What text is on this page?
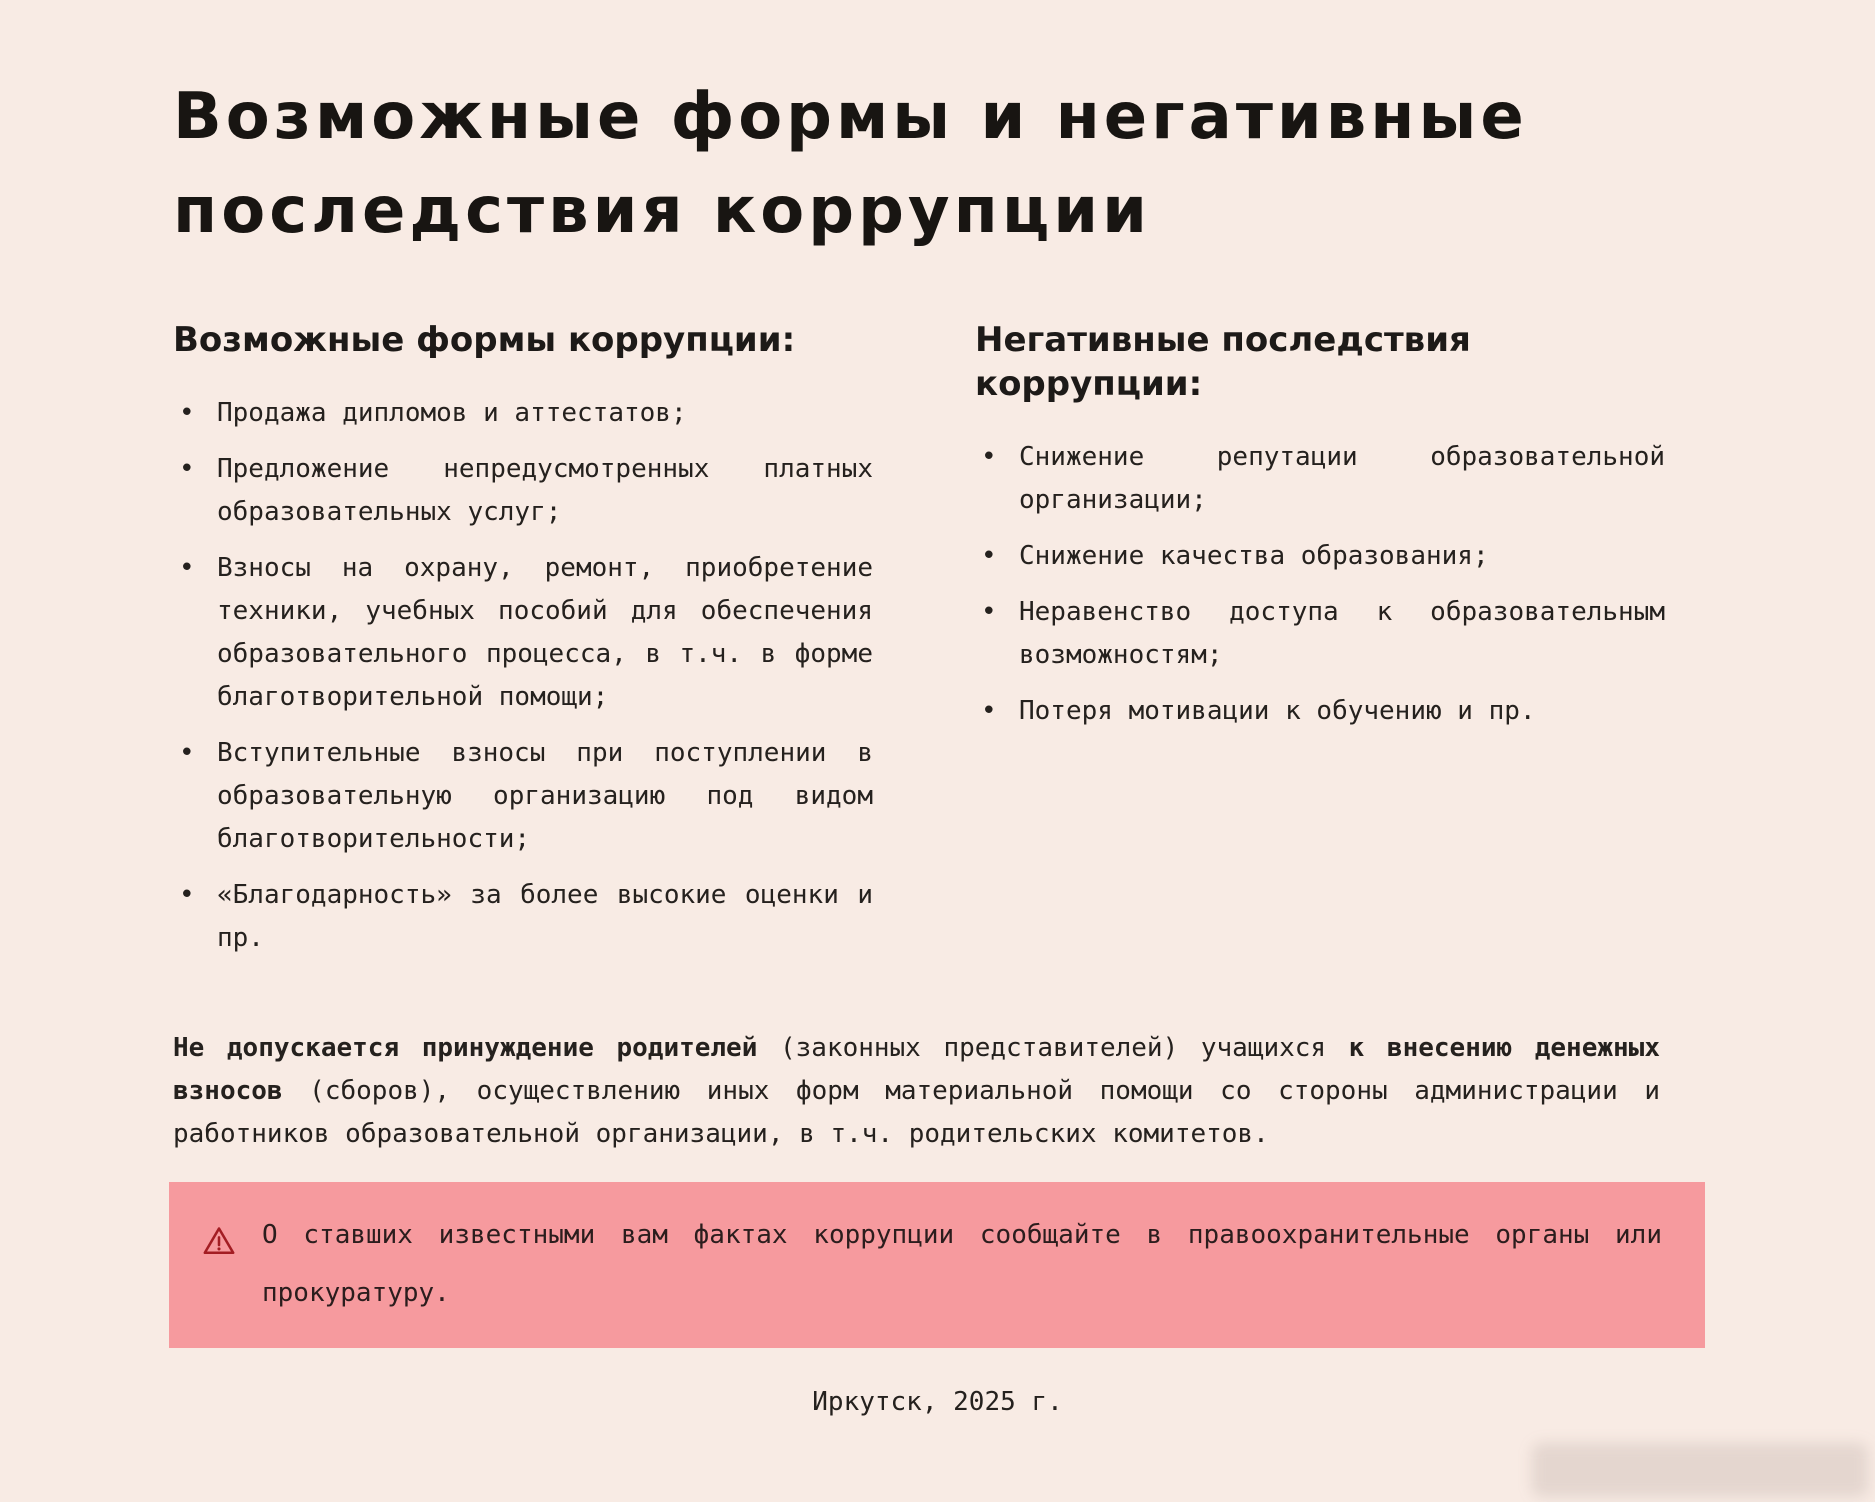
Возможные формы и негативные
последствия коррупции
Возможные формы коррупции:
• Продажа дипломов и аттестатов;
• Предложение непредусмотренных платных образовательных услуг;
• Взносы на охрану, ремонт, приобретение техники, учебных пособий для обеспечения образовательного процесса, в т.ч. в форме благотворительной помощи;
• Вступительные взносы при поступлении в образовательную организацию под видом благотворительности;
• «Благодарность» за более высокие оценки и пр.
Негативные последствия коррупции:
• Снижение репутации образовательной организации;
• Снижение качества образования;
• Неравенство доступа к образовательным возможностям;
• Потеря мотивации к обучению и пр.
Не допускается принуждение родителей (законных представителей) учащихся к внесению денежных взносов (сборов), осуществлению иных форм материальной помощи со стороны администрации и работников образовательной организации, в т.ч. родительских комитетов.
О ставших известными вам фактах коррупции сообщайте в правоохранительные органы или прокуратуру.
Иркутск, 2025 г.
